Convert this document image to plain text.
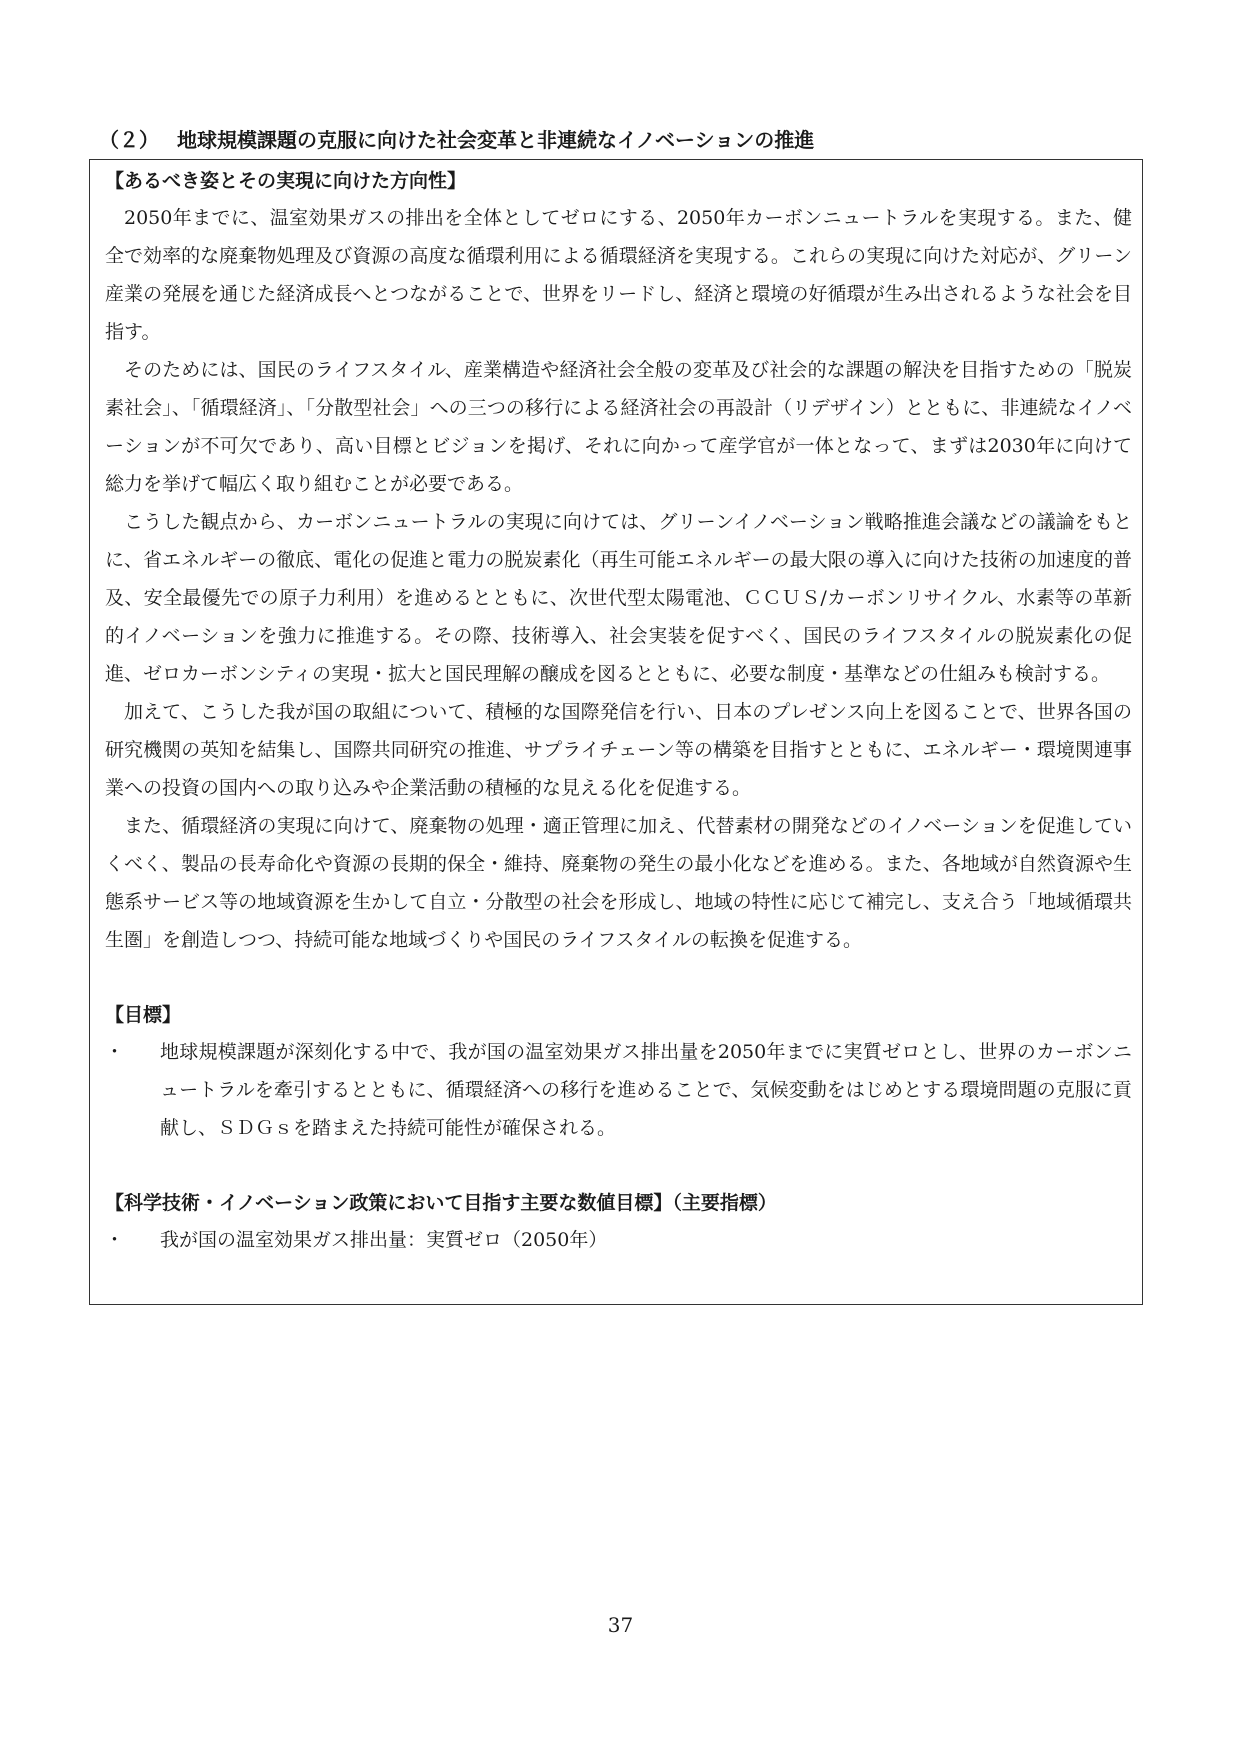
（２） 地球規模課題の克服に向けた社会変革と非連続なイノベーションの推進
【あるべき姿とその実現に向けた方向性】

2050年までに、温室効果ガスの排出を全体としてゼロにする、2050年カーボンニュートラルを実現する。また、健全で効率的な廃棄物処理及び資源の高度な循環利用による循環経済を実現する。これらの実現に向けた対応が、グリーン産業の発展を通じた経済成長へとつながることで、世界をリードし、経済と環境の好循環が生み出されるような社会を目指す。

そのためには、国民のライフスタイル、産業構造や経済社会全般の変革及び社会的な課題の解決を目指すための「脱炭素社会」、「循環経済」、「分散型社会」への三つの移行による経済社会の再設計（リデザイン）とともに、非連続なイノベーションが不可欠であり、高い目標とビジョンを掲げ、それに向かって産学官が一体となって、まずは2030年に向けて総力を挙げて幅広く取り組むことが必要である。

こうした観点から、カーボンニュートラルの実現に向けては、グリーンイノベーション戦略推進会議などの議論をもとに、省エネルギーの徹底、電化の促進と電力の脱炭素化（再生可能エネルギーの最大限の導入に向けた技術の加速度的普及、安全最優先での原子力利用）を進めるとともに、次世代型太陽電池、ＣＣＵＳ/カーボンリサイクル、水素等の革新的イノベーションを強力に推進する。その際、技術導入、社会実装を促すべく、国民のライフスタイルの脱炭素化の促進、ゼロカーボンシティの実現・拡大と国民理解の醸成を図るとともに、必要な制度・基準などの仕組みも検討する。

加えて、こうした我が国の取組について、積極的な国際発信を行い、日本のプレゼンス向上を図ることで、世界各国の研究機関の英知を結集し、国際共同研究の推進、サプライチェーン等の構築を目指すとともに、エネルギー・環境関連事業への投資の国内への取り込みや企業活動の積極的な見える化を促進する。

また、循環経済の実現に向けて、廃棄物の処理・適正管理に加え、代替素材の開発などのイノベーションを促進していくべく、製品の長寿命化や資源の長期的保全・維持、廃棄物の発生の最小化などを進める。また、各地域が自然資源や生態系サービス等の地域資源を生かして自立・分散型の社会を形成し、地域の特性に応じて補完し、支え合う「地域循環共生圏」を創造しつつ、持続可能な地域づくりや国民のライフスタイルの転換を促進する。

【目標】
・	地球規模課題が深刻化する中で、我が国の温室効果ガス排出量を2050年までに実質ゼロとし、世界のカーボンニュートラルを牽引するとともに、循環経済への移行を進めることで、気候変動をはじめとする環境問題の克服に貢献し、ＳＤＧｓを踏まえた持続可能性が確保される。
【科学技術・イノベーション政策において目指す主要な数値目標】（主要指標）
・	我が国の温室効果ガス排出量：実質ゼロ（2050年）
37
